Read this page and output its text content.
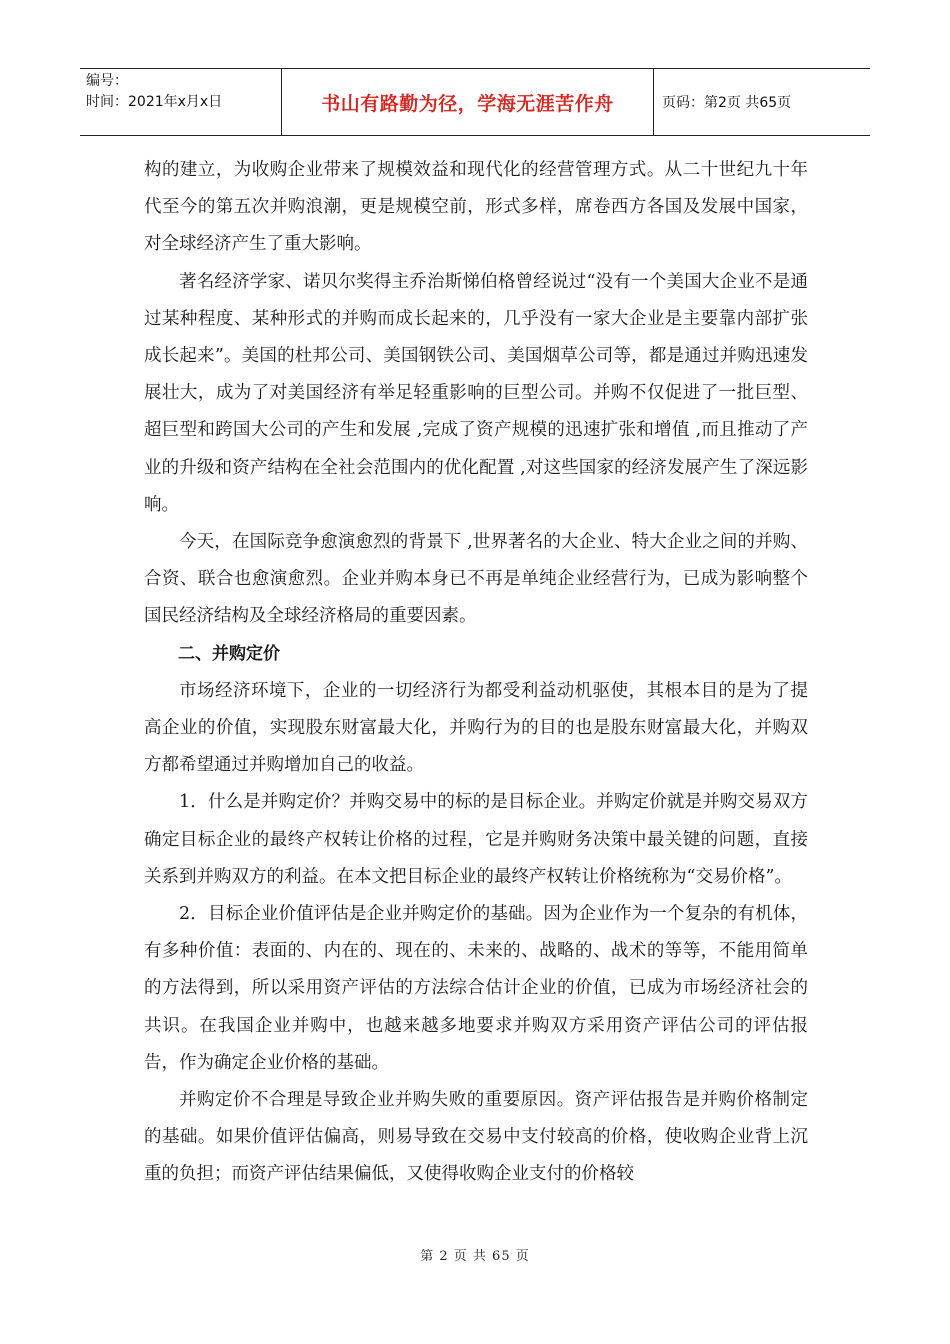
编号：
时间：2021年x月x日	书山有路勤为径，学海无涯苦作舟	页码：第2页 共65页

构的建立，为收购企业带来了规模效益和现代化的经营管理方式。从二十世纪九十年代至今的第五次并购浪潮，更是规模空前，形式多样，席卷西方各国及发展中国家，对全球经济产生了重大影响。

著名经济学家、诺贝尔奖得主乔治斯悌伯格曾经说过“没有一个美国大企业不是通过某种程度、某种形式的并购而成长起来的，几乎没有一家大企业是主要靠内部扩张成长起来”。美国的杜邦公司、美国钢铁公司、美国烟草公司等，都是通过并购迅速发展壮大，成为了对美国经济有举足轻重影响的巨型公司。并购不仅促进了一批巨型、超巨型和跨国大公司的产生和发展 ,完成了资产规模的迅速扩张和增值 ,而且推动了产业的升级和资产结构在全社会范围内的优化配置 ,对这些国家的经济发展产生了深远影响。

今天，在国际竞争愈演愈烈的背景下 ,世界著名的大企业、特大企业之间的并购、合资、联合也愈演愈烈。企业并购本身已不再是单纯企业经营行为，已成为影响整个国民经济结构及全球经济格局的重要因素。

二、并购定价

市场经济环境下，企业的一切经济行为都受利益动机驱使，其根本目的是为了提高企业的价值，实现股东财富最大化，并购行为的目的也是股东财富最大化，并购双方都希望通过并购增加自己的收益。

1．什么是并购定价？并购交易中的标的是目标企业。并购定价就是并购交易双方确定目标企业的最终产权转让价格的过程，它是并购财务决策中最关键的问题，直接关系到并购双方的利益。在本文把目标企业的最终产权转让价格统称为“交易价格”。

2．目标企业价值评估是企业并购定价的基础。因为企业作为一个复杂的有机体，有多种价值：表面的、内在的、现在的、未来的、战略的、战术的等等，不能用简单的方法得到，所以采用资产评估的方法综合估计企业的价值，已成为市场经济社会的共识。在我国企业并购中，也越来越多地要求并购双方采用资产评估公司的评估报告，作为确定企业价格的基础。

并购定价不合理是导致企业并购失败的重要原因。资产评估报告是并购价格制定的基础。如果价值评估偏高，则易导致在交易中支付较高的价格，使收购企业背上沉重的负担；而资产评估结果偏低，又使得收购企业支付的价格较

第 2 页 共 65 页
